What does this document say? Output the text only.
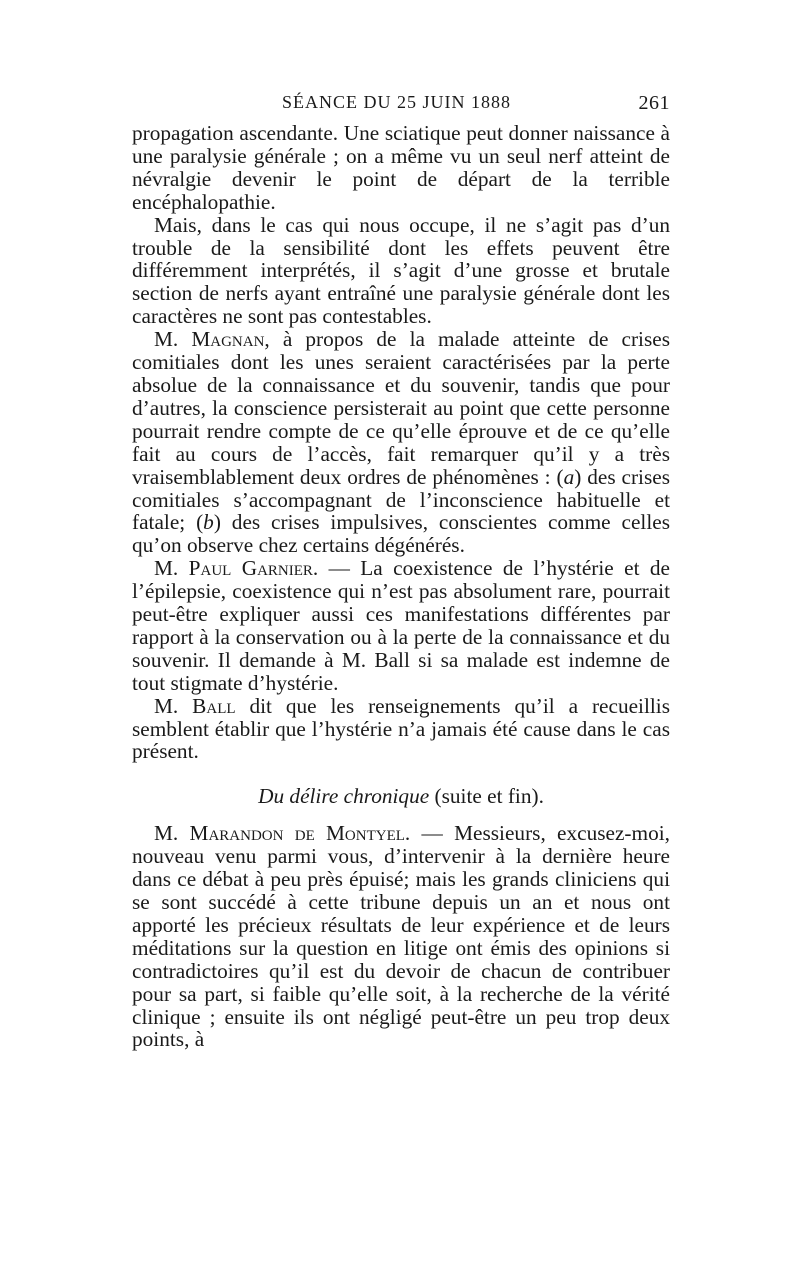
SÉANCE DU 25 JUIN 1888	261

propagation ascendante. Une sciatique peut donner naissance à une paralysie générale ; on a même vu un seul nerf atteint de névralgie devenir le point de départ de la terrible encéphalopathie.

Mais, dans le cas qui nous occupe, il ne s’agit pas d’un trouble de la sensibilité dont les effets peuvent être différemment interprétés, il s’agit d’une grosse et brutale section de nerfs ayant entraîné une paralysie générale dont les caractères ne sont pas contestables.

M. Magnan, à propos de la malade atteinte de crises comitiales dont les unes seraient caractérisées par la perte absolue de la connaissance et du souvenir, tandis que pour d’autres, la conscience persisterait au point que cette personne pourrait rendre compte de ce qu’elle éprouve et de ce qu’elle fait au cours de l’accès, fait remarquer qu’il y a très vraisemblablement deux ordres de phénomènes : (a) des crises comitiales s’accompagnant de l’inconscience habituelle et fatale; (b) des crises impulsives, conscientes comme celles qu’on observe chez certains dégénérés.

M. Paul Garnier. — La coexistence de l’hystérie et de l’épilepsie, coexistence qui n’est pas absolument rare, pourrait peut-être expliquer aussi ces manifestations différentes par rapport à la conservation ou à la perte de la connaissance et du souvenir. Il demande à M. Ball si sa malade est indemne de tout stigmate d’hystérie.

M. Ball dit que les renseignements qu’il a recueillis semblent établir que l’hystérie n’a jamais été cause dans le cas présent.

Du délire chronique (suite et fin).

M. Marandon de Montyel. — Messieurs, excusez-moi, nouveau venu parmi vous, d’intervenir à la dernière heure dans ce débat à peu près épuisé; mais les grands cliniciens qui se sont succédé à cette tribune depuis un an et nous ont apporté les précieux résultats de leur expérience et de leurs méditations sur la question en litige ont émis des opinions si contradictoires qu’il est du devoir de chacun de contribuer pour sa part, si faible qu’elle soit, à la recherche de la vérité clinique ; ensuite ils ont négligé peut-être un peu trop deux points, à
